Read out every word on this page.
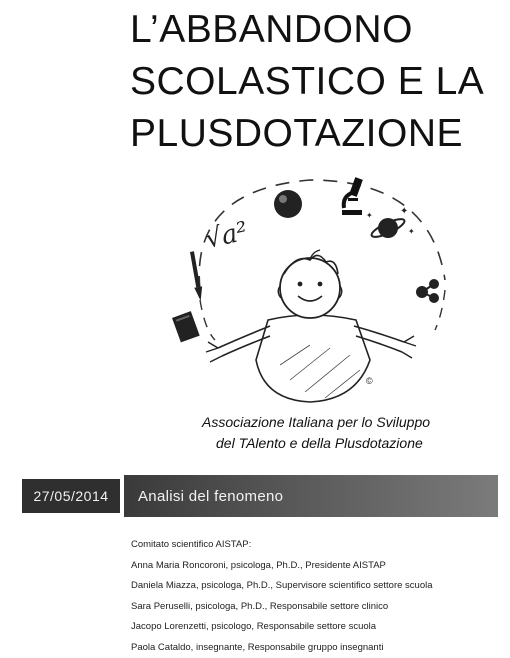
L’ABBANDONO
SCOLASTICO E LA
PLUSDOTAZIONE
√a²
✦
✦
✦
©
Associazione Italiana per lo Sviluppo
del TAlento e della Plusdotazione
27/05/2014	Analisi del fenomeno
Comitato scientifico AISTAP:
Anna Maria Roncoroni, psicologa, Ph.D., Presidente AISTAP
Daniela Miazza, psicologa, Ph.D., Supervisore scientifico settore scuola
Sara Peruselli, psicologa, Ph.D., Responsabile settore clinico
Jacopo Lorenzetti, psicologo, Responsabile settore scuola
Paola Cataldo, insegnante, Responsabile gruppo insegnanti
